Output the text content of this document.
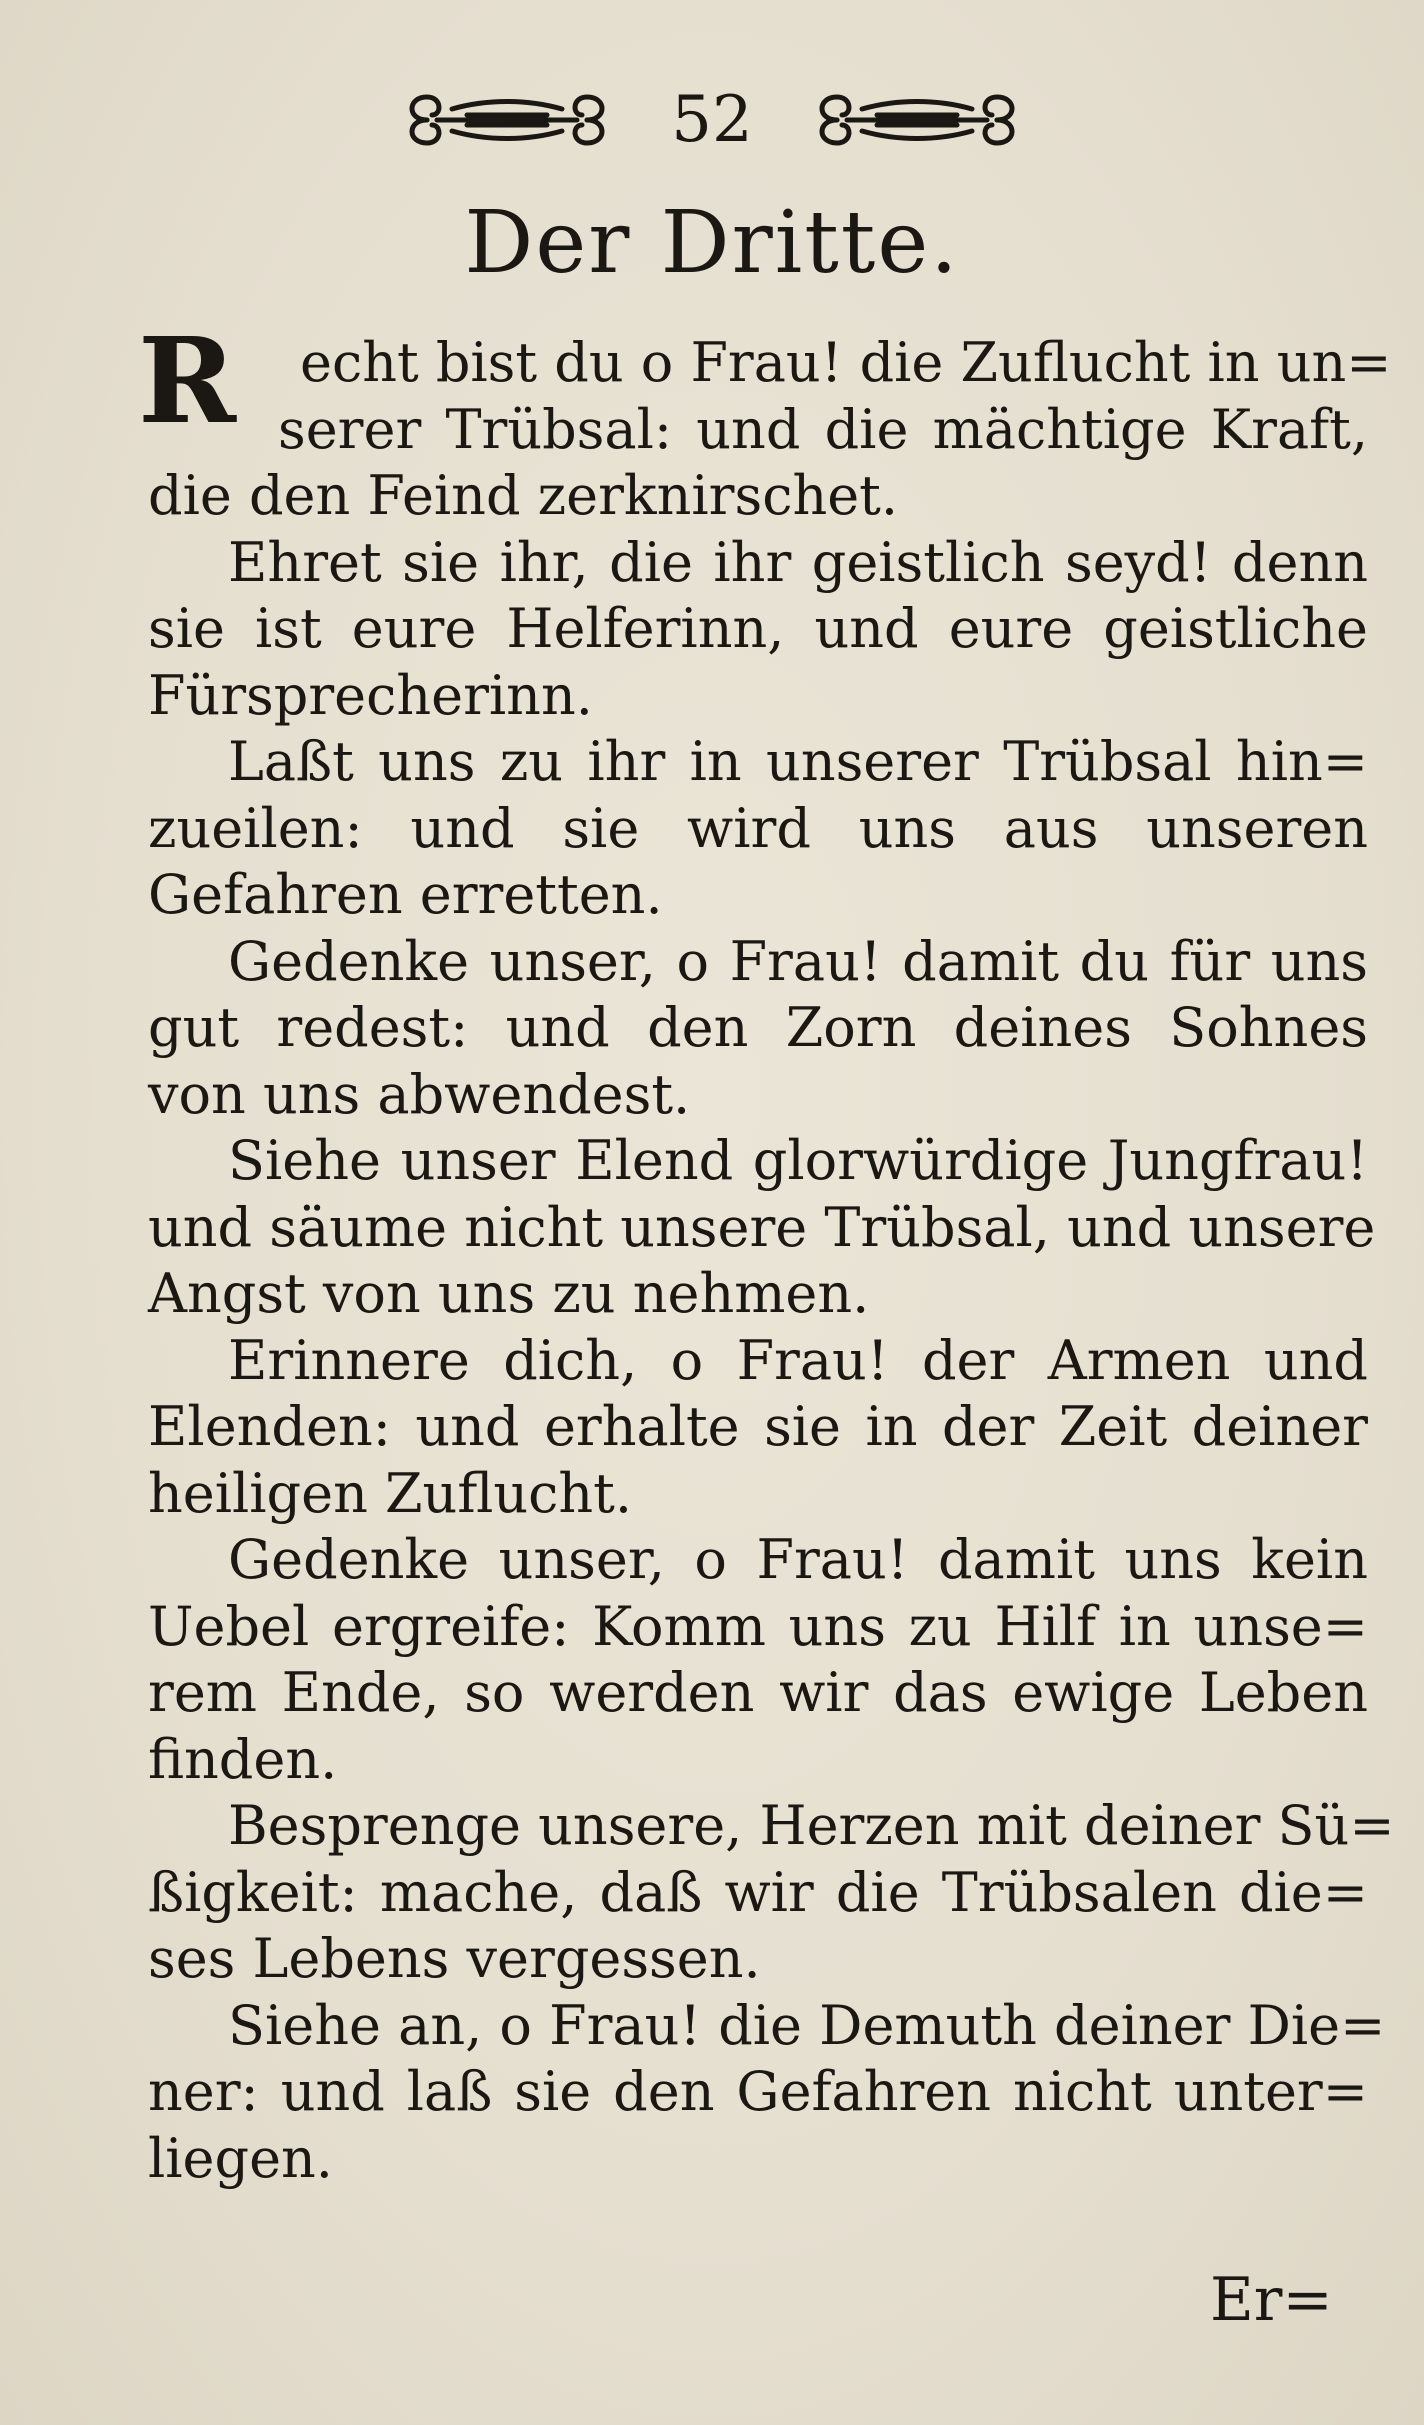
52
Der Dritte.
R echt bist du o Frau! die Zuflucht in un=
serer Trübsal: und die mächtige Kraft,
die den Feind zerknirschet.
Ehret sie ihr, die ihr geistlich seyd! denn
sie ist eure Helferinn, und eure geistliche
Fürsprecherinn.
Laßt uns zu ihr in unserer Trübsal hin=
zueilen: und sie wird uns aus unseren
Gefahren erretten.
Gedenke unser, o Frau! damit du für uns
gut redest: und den Zorn deines Sohnes
von uns abwendest.
Siehe unser Elend glorwürdige Jungfrau!
und säume nicht unsere Trübsal, und unsere
Angst von uns zu nehmen.
Erinnere dich, o Frau! der Armen und
Elenden: und erhalte sie in der Zeit deiner
heiligen Zuflucht.
Gedenke unser, o Frau! damit uns kein
Uebel ergreife: Komm uns zu Hilf in unse=
rem Ende, so werden wir das ewige Leben
finden.
Besprenge unsere, Herzen mit deiner Sü=
ßigkeit: mache, daß wir die Trübsalen die=
ses Lebens vergessen.
Siehe an, o Frau! die Demuth deiner Die=
ner: und laß sie den Gefahren nicht unter=
liegen.
Er=
